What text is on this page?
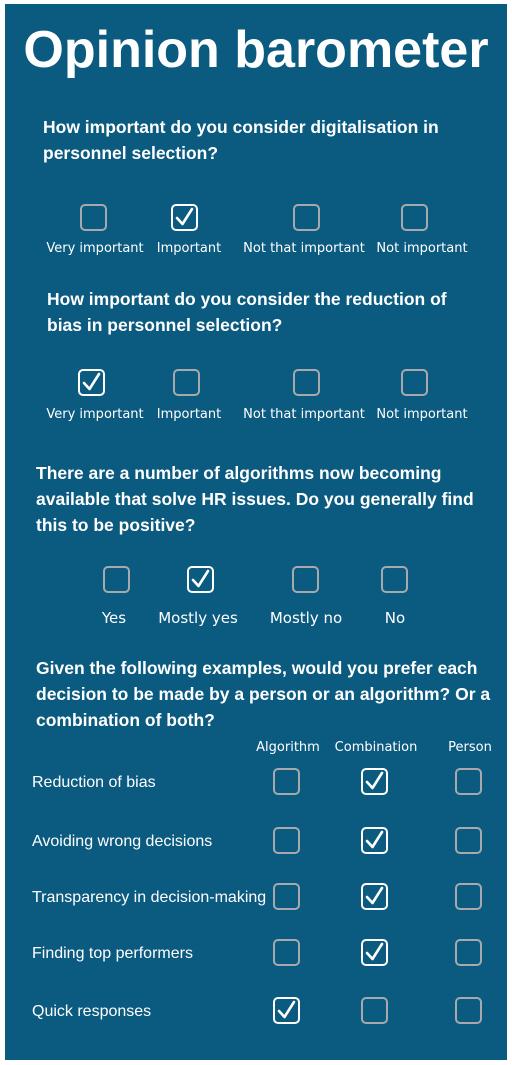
Opinion barometer
How important do you consider digitalisation in personnel selection?
How important do you consider the reduction of bias in personnel selection?
There are a number of algorithms now becoming available that solve HR issues. Do you generally find this to be positive?
Given the following examples, would you prefer each decision to be made by a person or an algorithm? Or a combination of both?
Very important Important Not that important Not important
Very important Important Not that important Not important
Yes Mostly yes Mostly no	No
Algorithm Combination Person
Reduction of bias
Avoiding wrong decisions
Transparency in decision-making
Finding top performers
Quick responses
